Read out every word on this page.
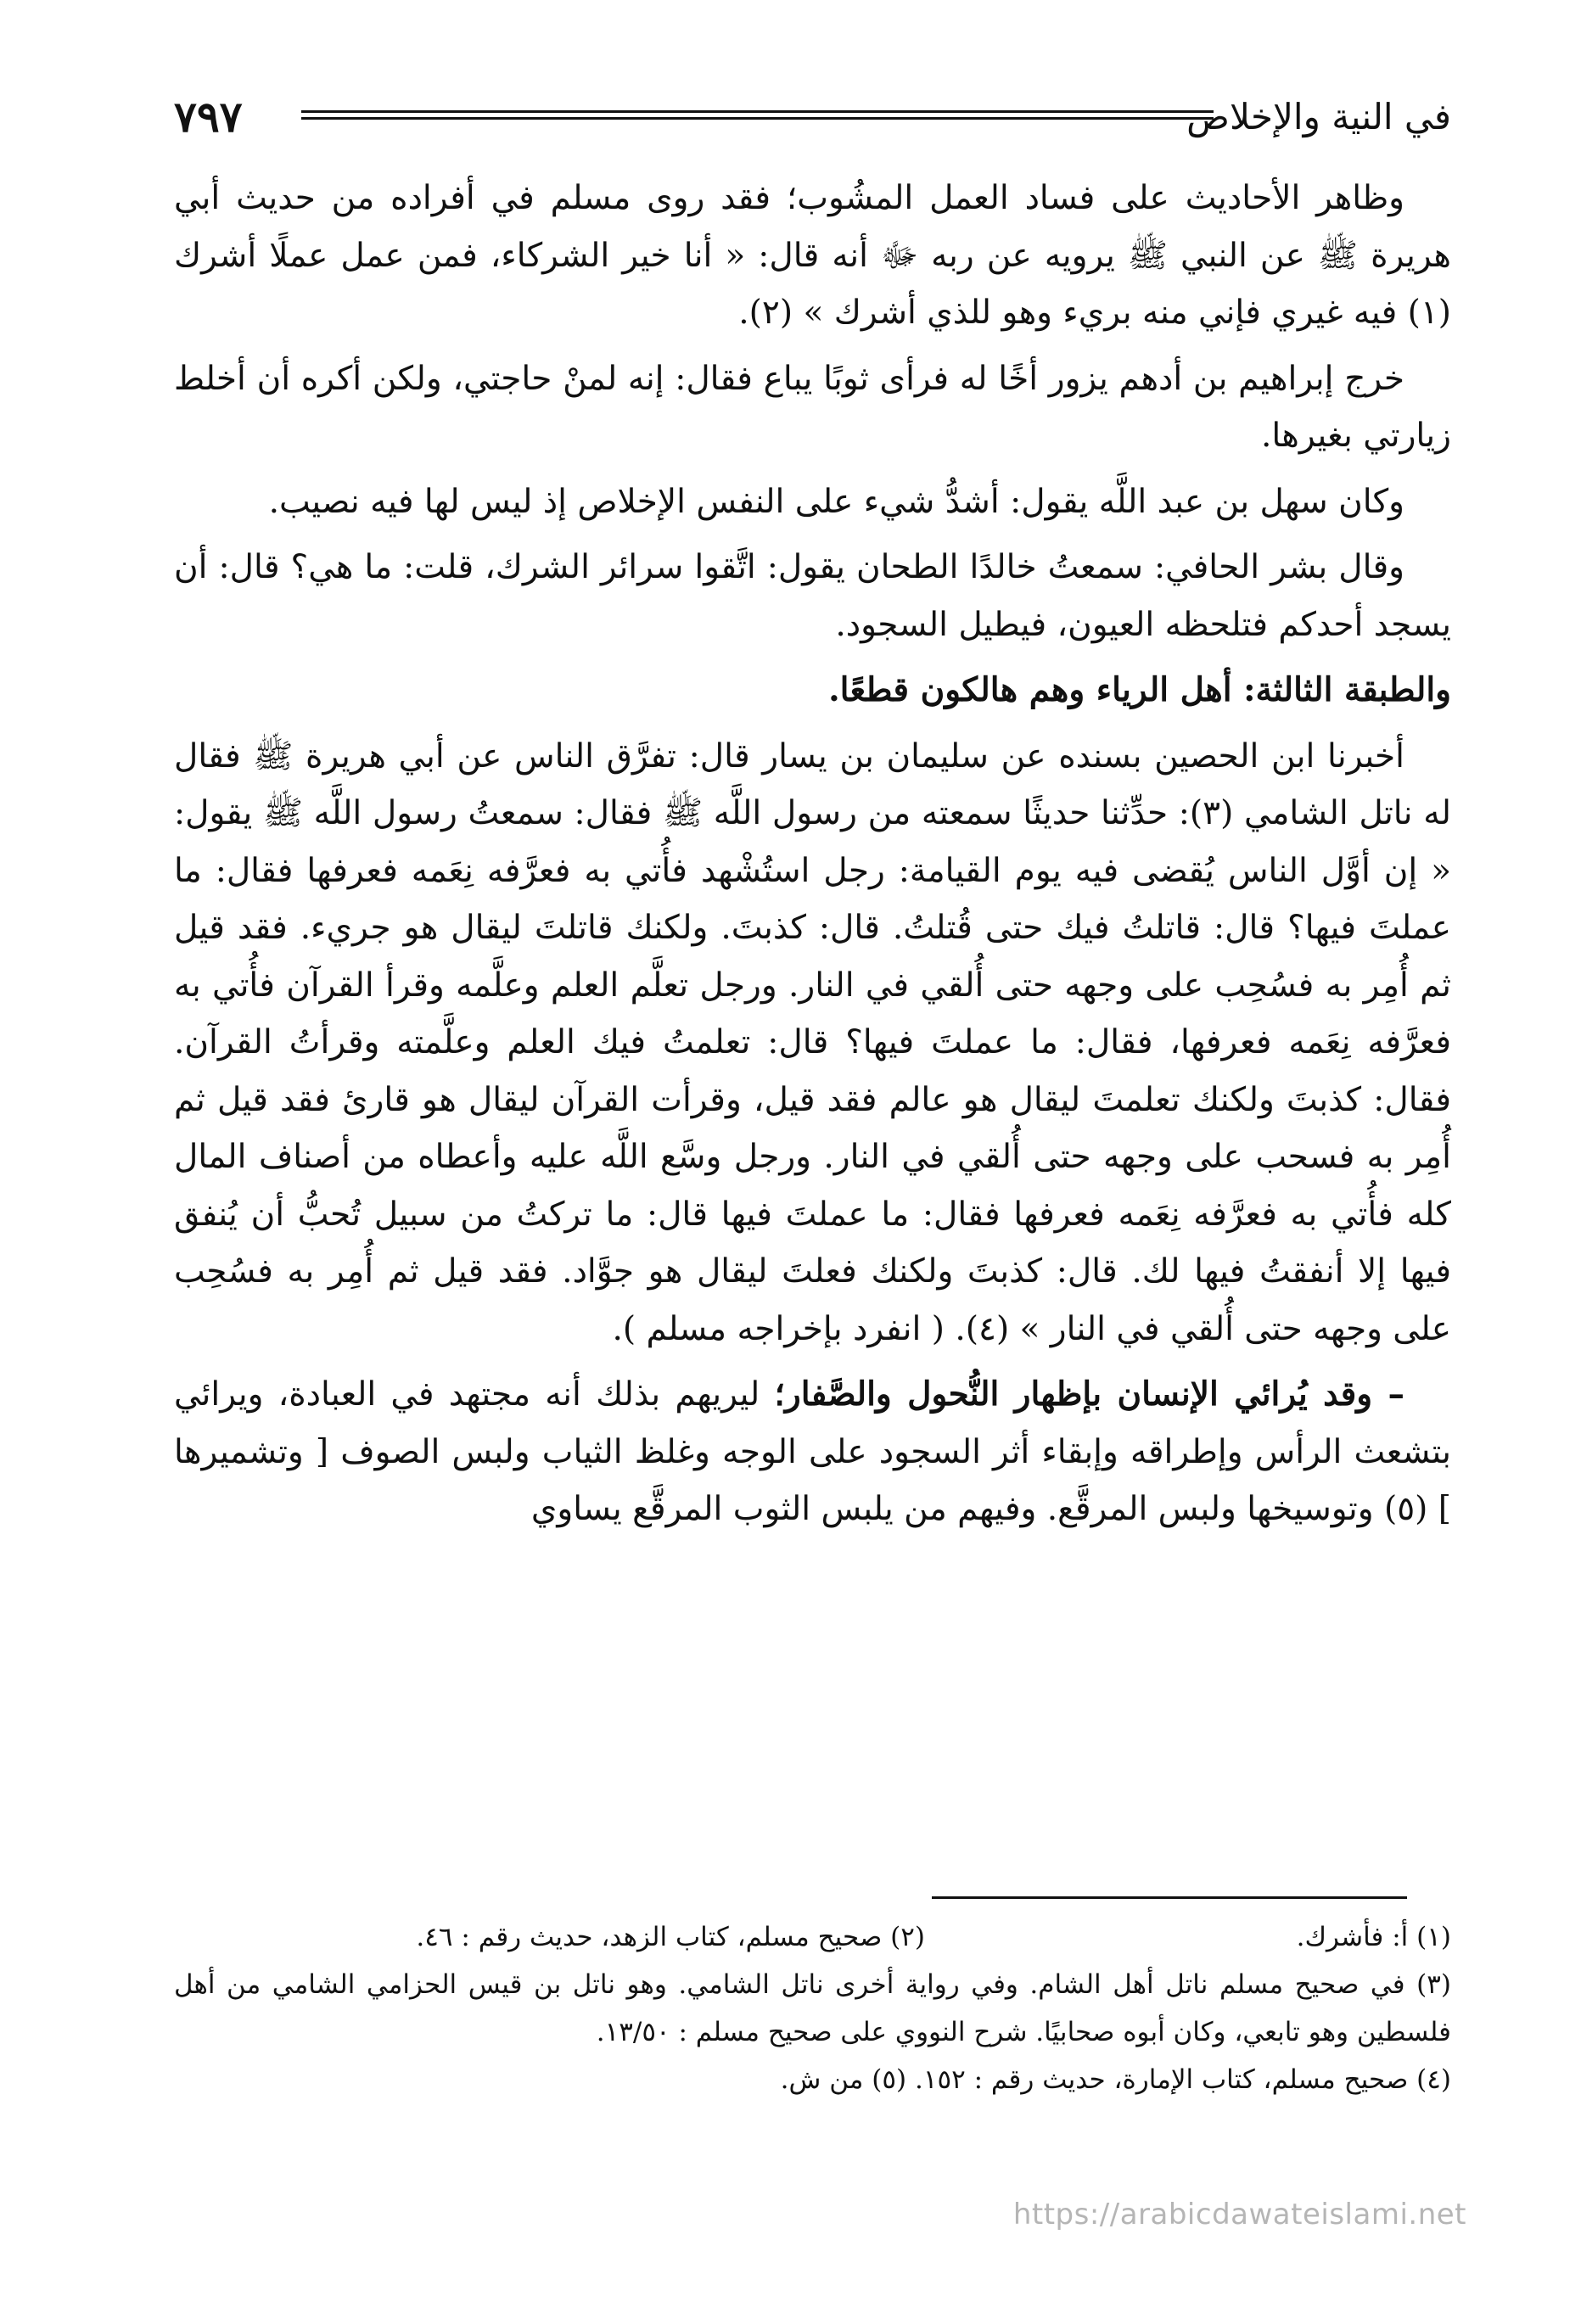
في النية والإخلاص
٧٩٧

وظاهر الأحاديث على فساد العمل المشُوب؛ فقد روى مسلم في أفراده من حديث أبي هريرة ﷺ عن النبي ﷺ يرويه عن ربه ﷻ أنه قال: « أنا خير الشركاء، فمن عمل عملًا أشرك (١) فيه غيري فإني منه بريء وهو للذي أشرك » (٢).

خرج إبراهيم بن أدهم يزور أخًا له فرأى ثوبًا يباع فقال: إنه لمنْ حاجتي، ولكن أكره أن أخلط زيارتي بغيرها.

وكان سهل بن عبد اللَّه يقول: أشدُّ شيء على النفس الإخلاص إذ ليس لها فيه نصيب.

وقال بشر الحافي: سمعتُ خالدًا الطحان يقول: اتَّقوا سرائر الشرك، قلت: ما هي؟ قال: أن يسجد أحدكم فتلحظه العيون، فيطيل السجود.

والطبقة الثالثة: أهل الرياء وهم هالكون قطعًا.

أخبرنا ابن الحصين بسنده عن سليمان بن يسار قال: تفرَّق الناس عن أبي هريرة ﷺ فقال له ناتل الشامي (٣): حدِّثنا حديثًا سمعته من رسول اللَّه ﷺ فقال: سمعتُ رسول اللَّه ﷺ يقول: « إن أوَّل الناس يُقضى فيه يوم القيامة: رجل استُشْهد فأُتي به فعرَّفه نِعَمه فعرفها فقال: ما عملتَ فيها؟ قال: قاتلتُ فيك حتى قُتلتُ. قال: كذبتَ. ولكنك قاتلتَ ليقال هو جريء. فقد قيل ثم أُمِر به فسُحِب على وجهه حتى أُلقي في النار. ورجل تعلَّم العلم وعلَّمه وقرأ القرآن فأُتي به فعرَّفه نِعَمه فعرفها، فقال: ما عملتَ فيها؟ قال: تعلمتُ فيك العلم وعلَّمته وقرأتُ القرآن. فقال: كذبتَ ولكنك تعلمتَ ليقال هو عالم فقد قيل، وقرأت القرآن ليقال هو قارئ فقد قيل ثم أُمِر به فسحب على وجهه حتى أُلقي في النار. ورجل وسَّع اللَّه عليه وأعطاه من أصناف المال كله فأُتي به فعرَّفه نِعَمه فعرفها فقال: ما عملتَ فيها قال: ما تركتُ من سبيل تُحبُّ أن يُنفق فيها إلا أنفقتُ فيها لك. قال: كذبتَ ولكنك فعلتَ ليقال هو جوَّاد. فقد قيل ثم أُمِر به فسُحِب على وجهه حتى أُلقي في النار » (٤). ( انفرد بإخراجه مسلم ).

– وقد يُرائي الإنسان بإظهار النُّحول والصَّفار؛ ليريهم بذلك أنه مجتهد في العبادة، ويرائي بتشعث الرأس وإطراقه وإبقاء أثر السجود على الوجه وغلظ الثياب ولبس الصوف [ وتشميرها ] (٥) وتوسيخها ولبس المرقَّع. وفيهم من يلبس الثوب المرقَّع يساوي

(١) أ: فأشرك.
(٢) صحيح مسلم، كتاب الزهد، حديث رقم : ٤٦.
(٣) في صحيح مسلم ناتل أهل الشام. وفي رواية أخرى ناتل الشامي. وهو ناتل بن قيس الحزامي الشامي من أهل فلسطين وهو تابعي، وكان أبوه صحابيًا. شرح النووي على صحيح مسلم : ١٣/٥٠.
(٤) صحيح مسلم، كتاب الإمارة، حديث رقم : ١٥٢. (٥) من ش.
https://arabicdawateislami.net
